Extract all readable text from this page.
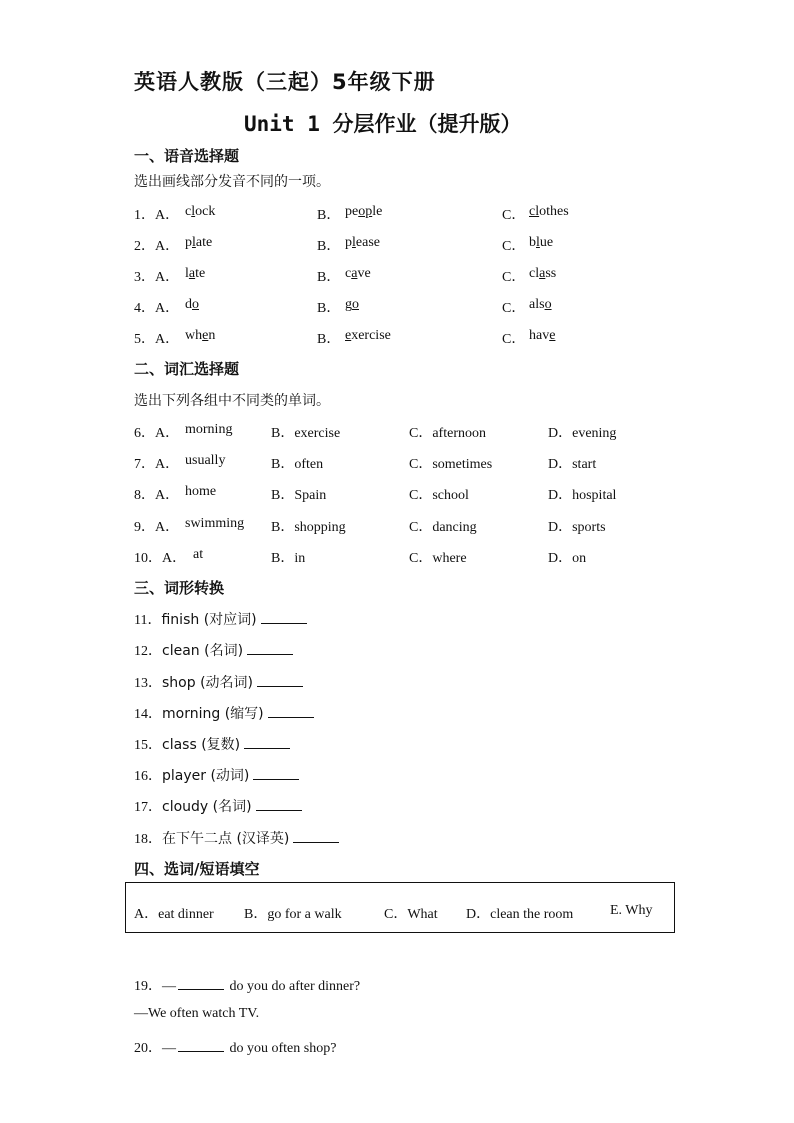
英语人教版（三起）5年级下册
Unit 1 分层作业（提升版）
一、语音选择题
选出画线部分发音不同的一项。
1．A． clock	B． people	C． clothes
2．A． plate	B． please	C． blue
3．A． late	B． cave	C． class
4．A． do	B． go	C． also
5．A． when	B． exercise	C． have
二、词汇选择题
选出下列各组中不同类的单词。
6．A． morning	B．exercise	C．afternoon	D．evening
7．A． usually	B．often	C．sometimes	D．start
8．A． home	B．Spain	C．school	D．hospital
9．A． swimming B．shopping	C．dancing	D．sports
10．A． at	B．in	C．where	D．on
三、词形转换
11．finish (对应词)
12．clean (名词)
13．shop (动名词)
14．morning (缩写)
15．class (复数)
16．player (动词)
17．cloudy (名词)
18．在下午二点 (汉译英)
四、选词/短语填空
A．eat dinner B．go for a walk	C．What D．clean the room	E. Why
19．—	do you do after dinner?
—We often watch TV.
20．—	do you often shop?
